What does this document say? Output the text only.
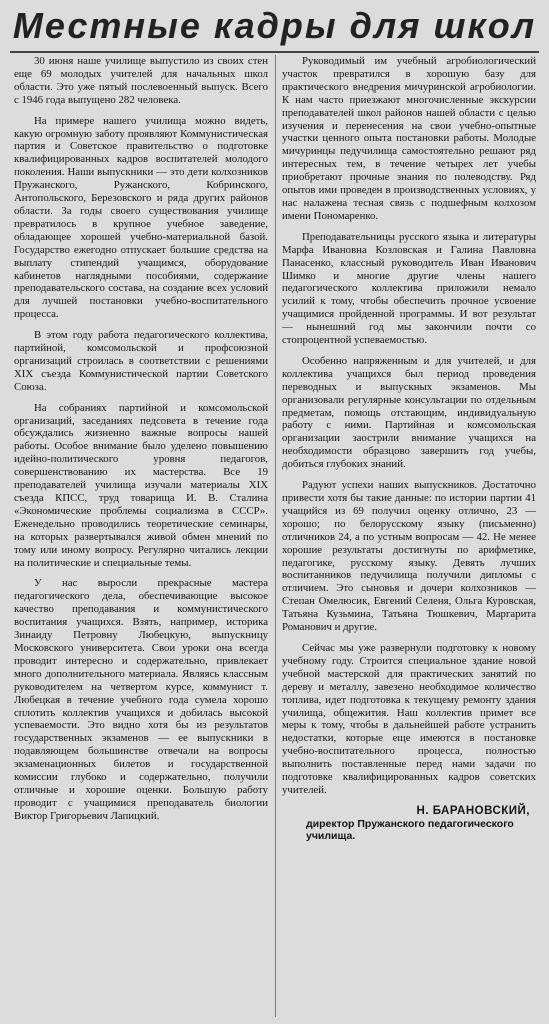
Местные кадры для школ

30 июня наше училище выпустило из своих стен еще 69 молодых учителей для начальных школ области. Это уже пятый послевоенный выпуск. Всего с 1946 года выпущено 282 человека.

На примере нашего училища можно видеть, какую огромную заботу проявляют Коммунистическая партия и Советское правительство о подготовке квалифицированных кадров воспитателей молодого поколения. Наши выпускники — это дети колхозников Пружанского, Ружанского, Кобринского, Антопольского, Березовского и ряда других районов области. За годы своего существования училище превратилось в крупное учебное заведение, обладающее хорошей учебно-материальной базой. Государство ежегодно отпускает большие средства на выплату стипендий учащимся, оборудование кабинетов наглядными пособиями, содержание преподавательского состава, на создание всех условий для лучшей постановки учебно-воспитательного процесса.

В этом году работа педагогического коллектива, партийной, комсомольской и профсоюзной организаций строилась в соответствии с решениями XIX съезда Коммунистической партии Советского Союза.

На собраниях партийной и комсомольской организаций, заседаниях педсовета в течение года обсуждались жизненно важные вопросы нашей работы. Особое внимание было уделено повышению идейно-политического уровня педагогов, совершенствованию их мастерства. Все 19 преподавателей училища изучали материалы XIX съезда КПСС, труд товарища И. В. Сталина «Экономические проблемы социализма в СССР». Еженедельно проводились теоретические семинары, на которых развертывался живой обмен мнений по тому или иному вопросу. Регулярно читались лекции на политические и специальные темы.

У нас выросли прекрасные мастера педагогического дела, обеспечивающие высокое качество преподавания и коммунистического воспитания учащихся. Взять, например, историка Зинаиду Петровну Любецкую, выпускницу Московского университета. Свои уроки она всегда проводит интересно и содержательно, привлекает много дополнительного материала. Являясь классным руководителем на четвертом курсе, коммунист т. Любецкая в течение учебного года сумела хорошо сплотить коллектив учащихся и добилась высокой успеваемости. Это видно хотя бы из результатов государственных экзаменов — ее выпускники в подавляющем большинстве отвечали на вопросы экзаменационных билетов и государственной комиссии глубоко и содержательно, получили отличные и хорошие оценки. Большую работу проводит с учащимися преподаватель биологии Виктор Григорьевич Лапицкий.

Руководимый им учебный агробиологический участок превратился в хорошую базу для практического внедрения мичуринской агробиологии. К нам часто приезжают многочисленные экскурсии преподавателей школ районов нашей области с целью изучения и перенесения на свои учебно-опытные участки ценного опыта постановки работы. Молодые мичуринцы педучилища самостоятельно решают ряд интересных тем, в течение четырех лет учебы приобретают прочные знания по полеводству. Ряд опытов ими проведен в производственных условиях, у нас налажена тесная связь с подшефным колхозом имени Пономаренко.

Преподавательницы русского языка и литературы Марфа Ивановна Козловская и Галина Павловна Панасенко, классный руководитель Иван Иванович Шимко и многие другие члены нашего педагогического коллектива приложили немало усилий к тому, чтобы обеспечить прочное усвоение учащимися пройденной программы. И вот результат — нынешний год мы закончили почти со стопроцентной успеваемостью.

Особенно напряженным и для учителей, и для коллектива учащихся был период проведения переводных и выпускных экзаменов. Мы организовали регулярные консультации по отдельным предметам, помощь отстающим, индивидуальную работу с ними. Партийная и комсомольская организации заострили внимание учащихся на необходимости образцово завершить год учебы, добиться глубоких знаний.

Радуют успехи наших выпускников. Достаточно привести хотя бы такие данные: по истории партии 41 учащийся из 69 получил оценку отлично, 23 — хорошо; по белорусскому языку (письменно) отличников 24, а по устным вопросам — 42. Не менее хорошие результаты достигнуты по арифметике, педагогике, русскому языку. Девять лучших воспитанников педучилища получили дипломы с отличием. Это сыновья и дочери колхозников — Степан Омелюсик, Евгений Селеня, Ольга Куровская, Татьяна Кузьмина, Татьяна Тюшкевич, Маргарита Романович и другие.

Сейчас мы уже развернули подготовку к новому учебному году. Строится специальное здание новой учебной мастерской для практических занятий по дереву и металлу, завезено необходимое количество топлива, идет подготовка к текущему ремонту здания училища, общежития. Наш коллектив примет все меры к тому, чтобы в дальнейшей работе устранить недостатки, которые еще имеются в постановке учебно-воспитательного процесса, полностью выполнить поставленные перед нами задачи по подготовке квалифицированных кадров советских учителей.

Н. БАРАНОВСКИЙ,
директор Пружанского педагогического училища.
